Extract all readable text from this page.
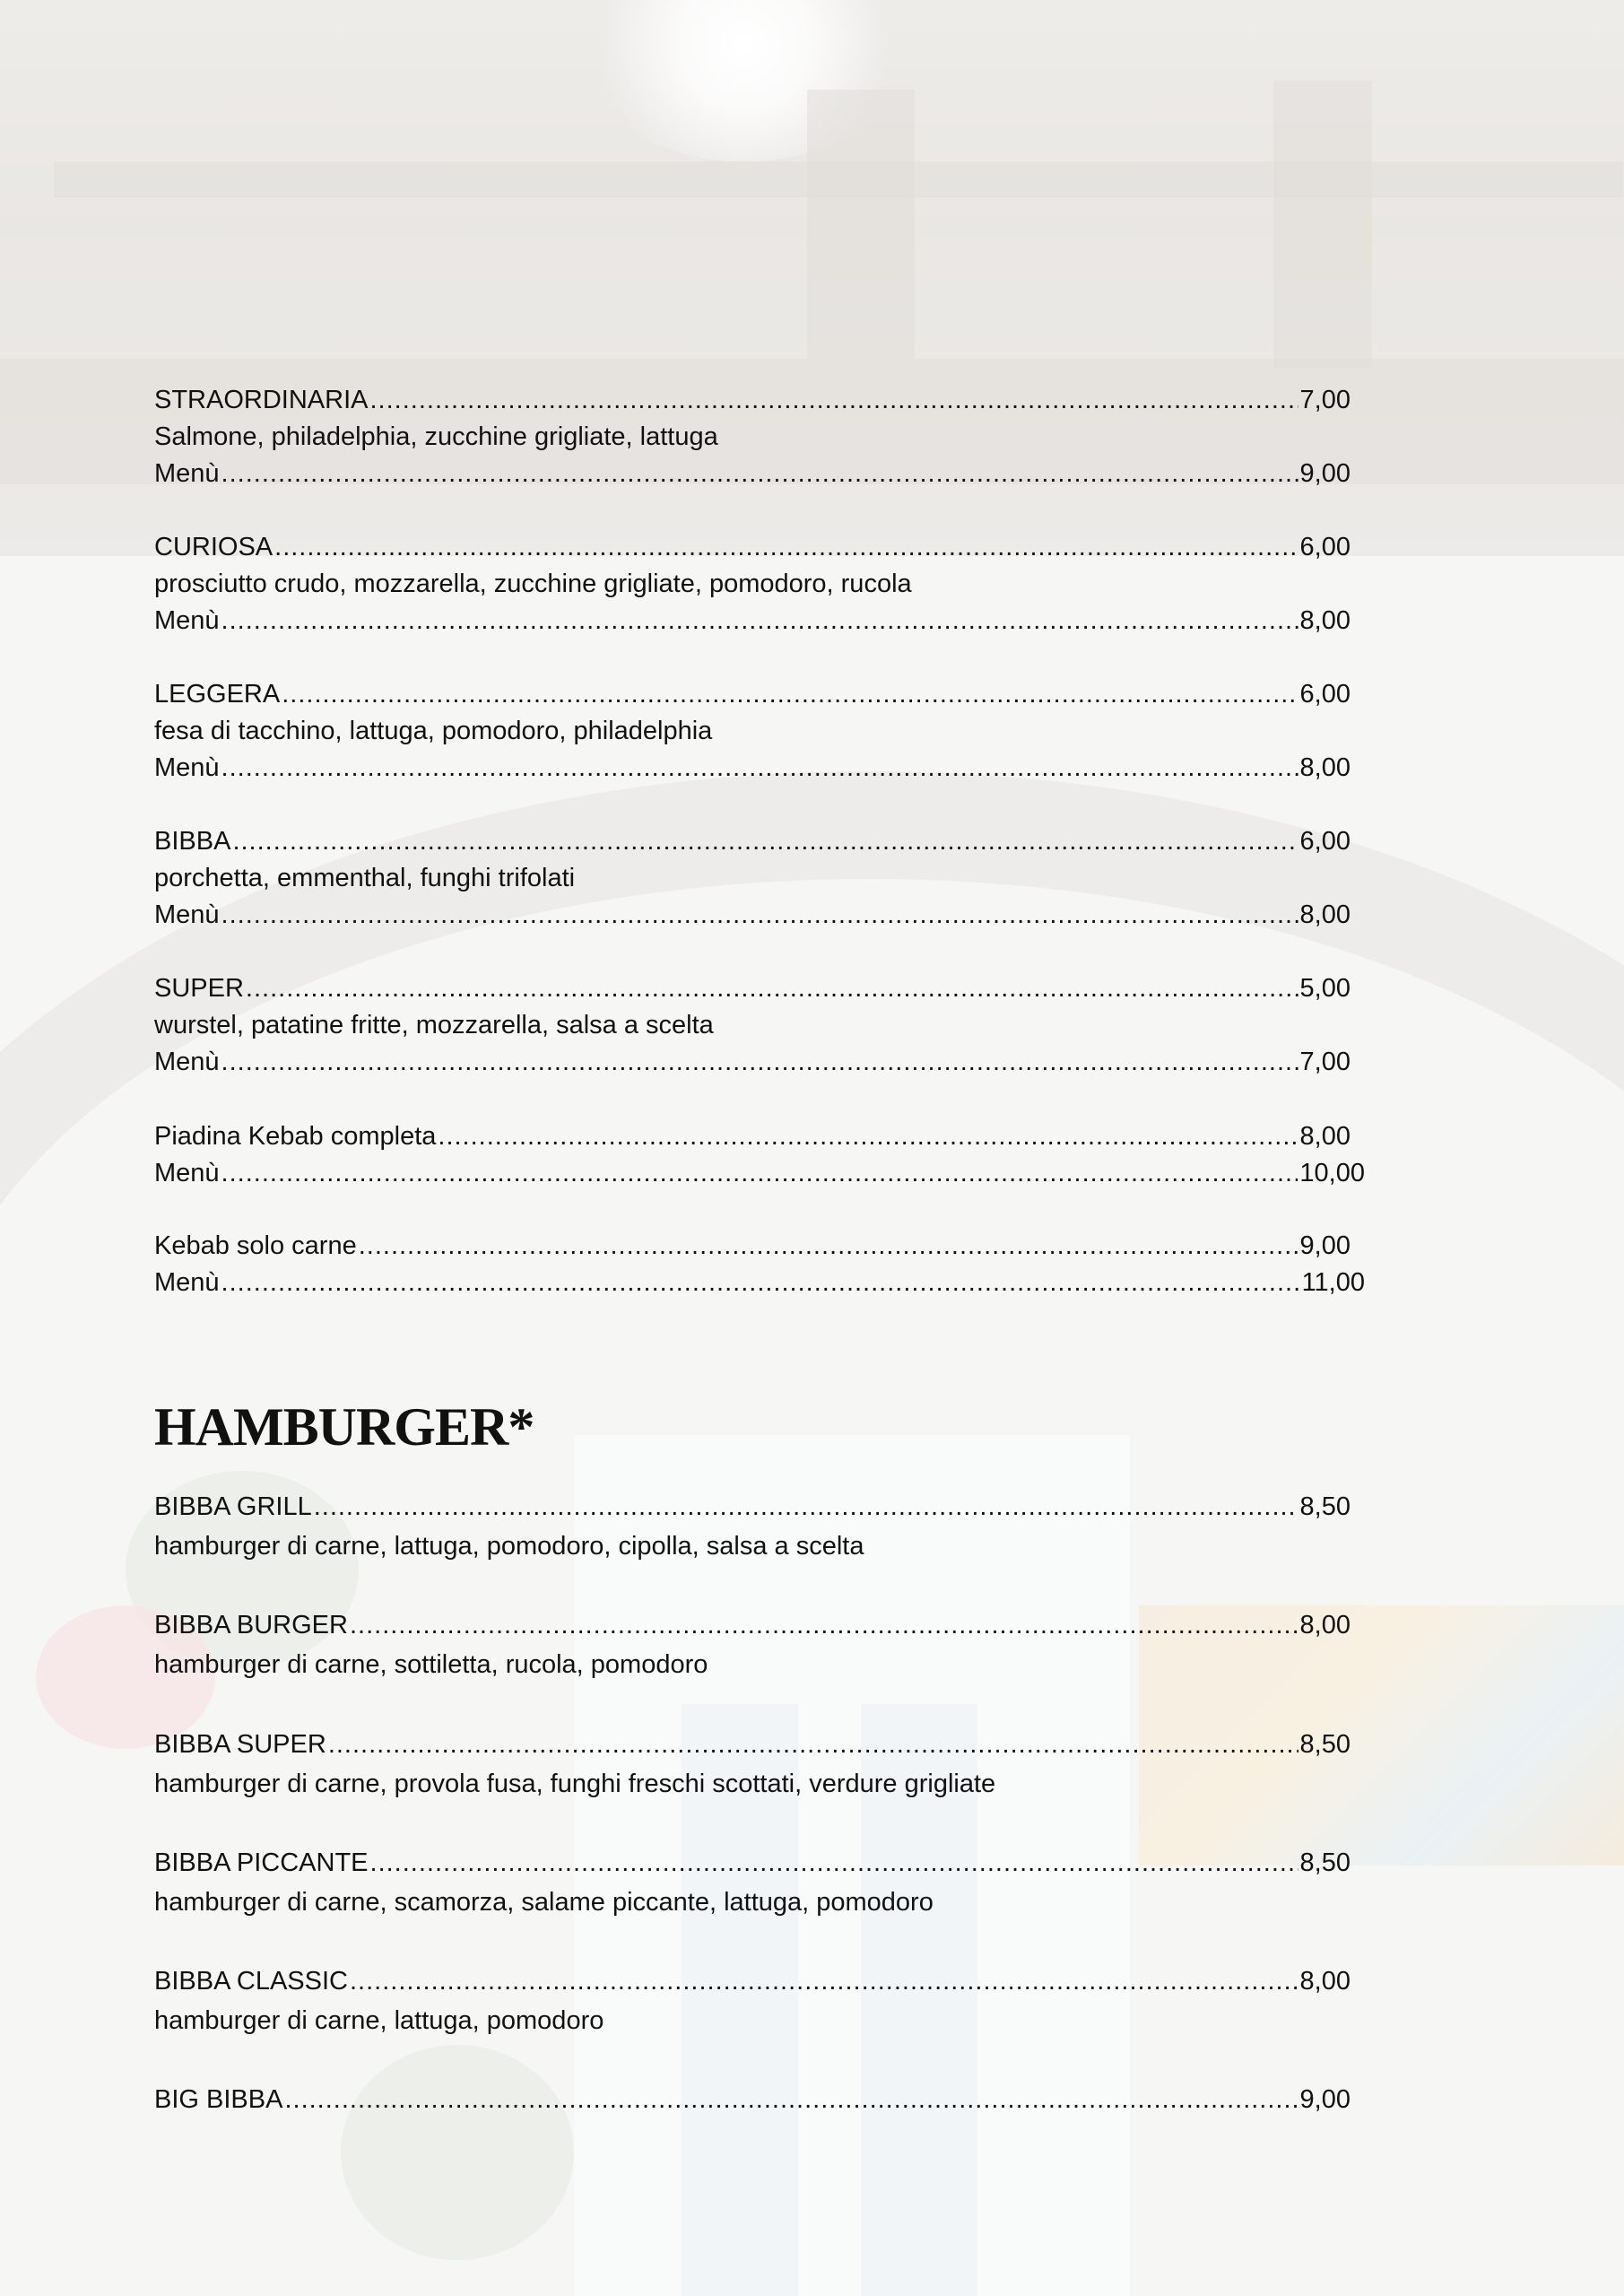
STRAORDINARIA .....	7,00
Salmone, philadelphia, zucchine grigliate, lattuga
Menù .....	9,00
CURIOSA .....	6,00
prosciutto crudo, mozzarella, zucchine grigliate, pomodoro, rucola
Menù .....	8,00
LEGGERA .....	6,00
fesa di tacchino, lattuga, pomodoro, philadelphia
Menù .....	8,00
BIBBA .....	6,00
porchetta, emmenthal, funghi trifolati
Menù .....	8,00
SUPER .....	5,00
wurstel, patatine fritte, mozzarella, salsa a scelta
Menù .....	7,00
Piadina Kebab completa .....	8,00
Menù .....	10,00
Kebab solo carne .....	9,00
Menù .....	11,00
HAMBURGER*
BIBBA GRILL .....	8,50
hamburger di carne, lattuga, pomodoro, cipolla, salsa a scelta
BIBBA BURGER .....	8,00
hamburger di carne, sottiletta, rucola, pomodoro
BIBBA SUPER .....	8,50
hamburger di carne, provola fusa, funghi freschi scottati, verdure grigliate
BIBBA PICCANTE .....	8,50
hamburger di carne, scamorza, salame piccante, lattuga, pomodoro
BIBBA CLASSIC .....	8,00
hamburger di carne, lattuga, pomodoro
BIG BIBBA .....	9,00
